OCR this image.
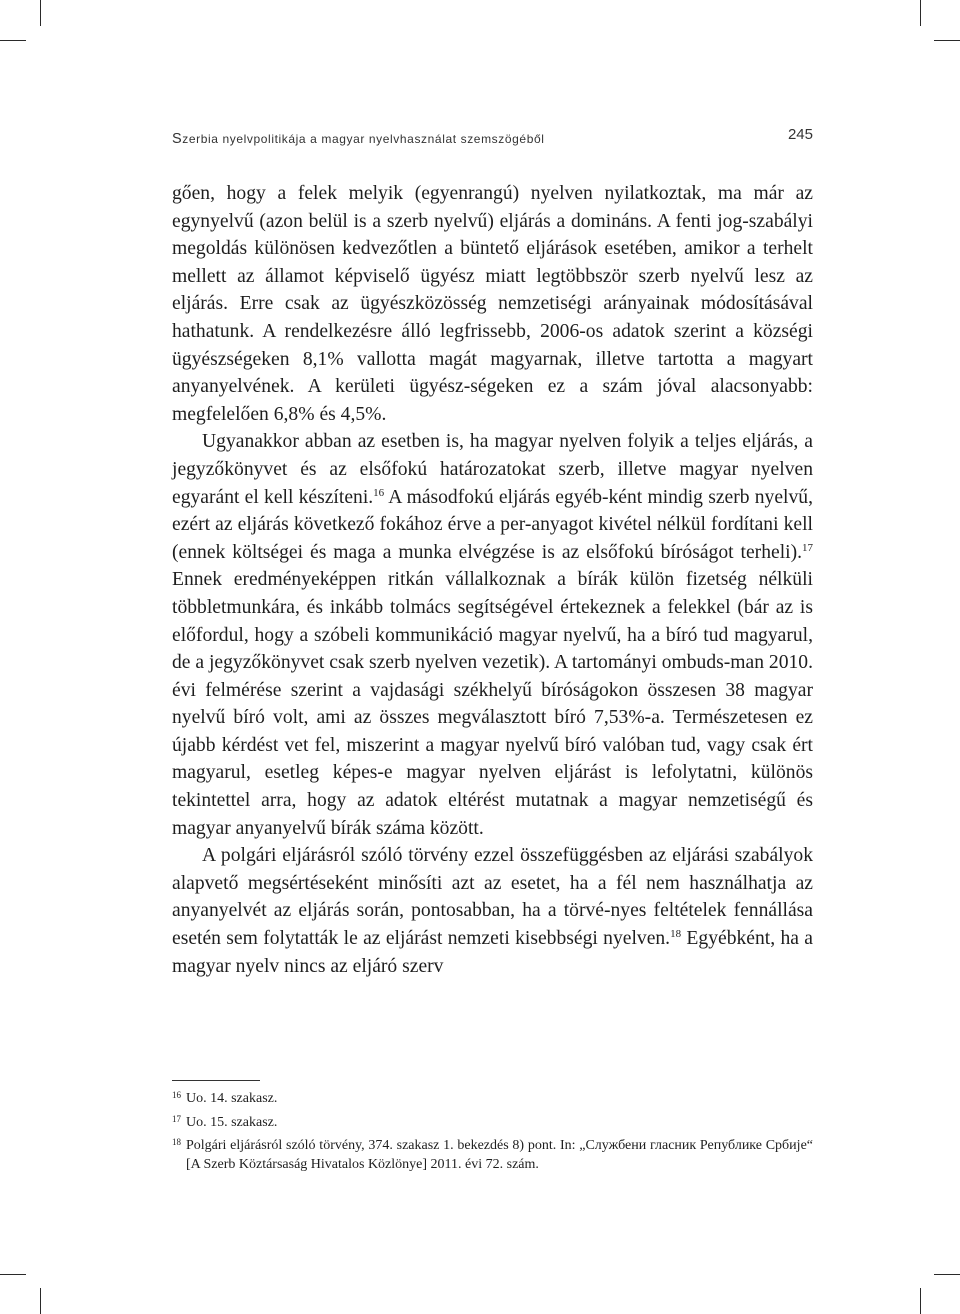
Szerbia nyelvpolitikája a magyar nyelvhasználat szemszögéből	245

gően, hogy a felek melyik (egyenrangú) nyelven nyilatkoztak, ma már az egynyelvű (azon belül is a szerb nyelvű) eljárás a domináns. A fenti jog-szabályi megoldás különösen kedvezőtlen a büntető eljárások esetében, amikor a terhelt mellett az államot képviselő ügyész miatt legtöbbször szerb nyelvű lesz az eljárás. Erre csak az ügyészközösség nemzetiségi arányainak módosításával hathatunk. A rendelkezésre álló legfrissebb, 2006-os adatok szerint a községi ügyészségeken 8,1% vallotta magát magyarnak, illetve tartotta a magyart anyanyelvének. A kerületi ügyész-ségeken ez a szám jóval alacsonyabb: megfelelően 6,8% és 4,5%.

Ugyanakkor abban az esetben is, ha magyar nyelven folyik a teljes eljárás, a jegyzőkönyvet és az elsőfokú határozatokat szerb, illetve magyar nyelven egyaránt el kell készíteni.$^{16}$ A másodfokú eljárás egyéb-ként mindig szerb nyelvű, ezért az eljárás következő fokához érve a per-anyagot kivétel nélkül fordítani kell (ennek költségei és maga a munka elvégzése is az elsőfokú bíróságot terheli).$^{17}$ Ennek eredményeképpen ritkán vállalkoznak a bírák külön fizetség nélküli többletmunkára, és inkább tolmács segítségével értekeznek a felekkel (bár az is előfordul, hogy a szóbeli kommunikáció magyar nyelvű, ha a bíró tud magyarul, de a jegyzőkönyvet csak szerb nyelven vezetik). A tartományi ombuds-man 2010. évi felmérése szerint a vajdasági székhelyű bíróságokon összesen 38 magyar nyelvű bíró volt, ami az összes megválasztott bíró 7,53%-a. Természetesen ez újabb kérdést vet fel, miszerint a magyar nyelvű bíró valóban tud, vagy csak ért magyarul, esetleg képes-e magyar nyelven eljárást is lefolytatni, különös tekintettel arra, hogy az adatok eltérést mutatnak a magyar nemzetiségű és magyar anyanyelvű bírák száma között.

A polgári eljárásról szóló törvény ezzel összefüggésben az eljárási szabályok alapvető megsértéseként minősíti azt az esetet, ha a fél nem használhatja az anyanyelvét az eljárás során, pontosabban, ha a törvé-nyes feltételek fennállása esetén sem folytatták le az eljárást nemzeti kisebbségi nyelven.$^{18}$ Egyébként, ha a magyar nyelv nincs az eljáró szerv

16 Uo. 14. szakasz.
17 Uo. 15. szakasz.
18 Polgári eljárásról szóló törvény, 374. szakasz 1. bekezdés 8) pont. In: „Службени гласник Републике Србије“ [A Szerb Köztársaság Hivatalos Közlönye] 2011. évi 72. szám.
